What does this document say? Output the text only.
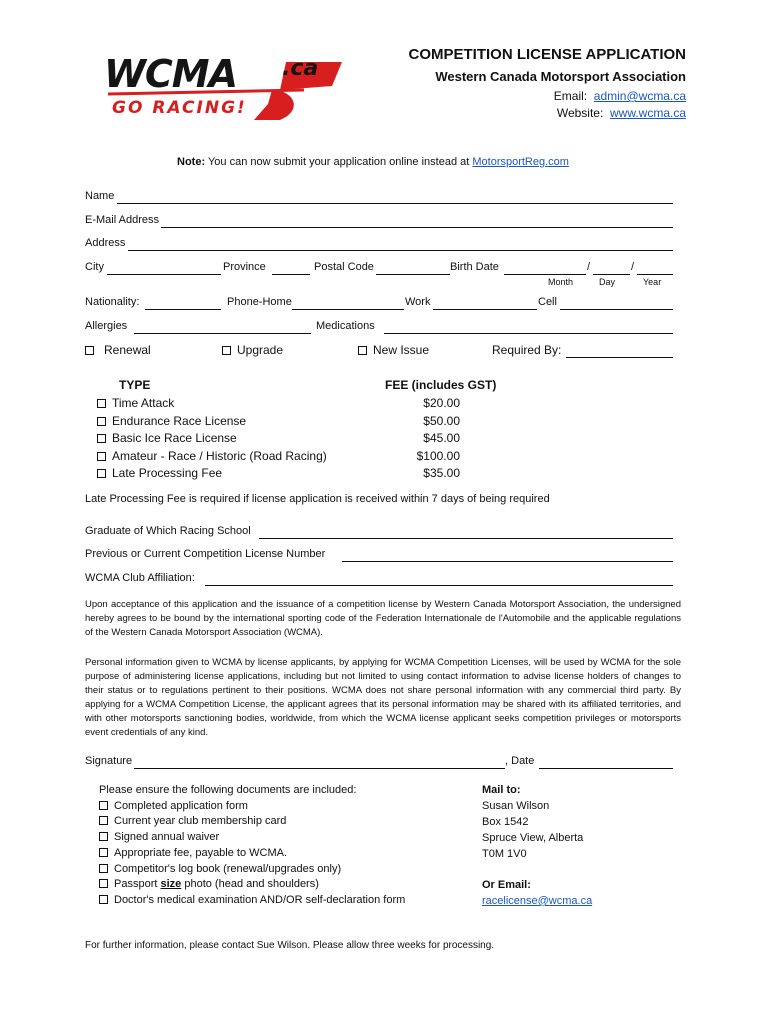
WCMA .ca
GO RACING!
COMPETITION LICENSE APPLICATION
Western Canada Motorsport Association
Email: admin@wcma.ca
Website: www.wcma.ca
Note: You can now submit your application online instead at MotorsportReg.com
Name
E-Mail Address
Address
City	Province	Postal Code	Birth Date	/	/
Month	Day	Year
Nationality:	Phone-Home	Work	Cell
Allergies	Medications
Renewal	Upgrade	New Issue	Required By:
TYPE	FEE (includes GST)
Time Attack	$20.00
Endurance Race License	$50.00
Basic Ice Race License	$45.00
Amateur - Race / Historic (Road Racing)	$100.00
Late Processing Fee	$35.00
Late Processing Fee is required if license application is received within 7 days of being required
Graduate of Which Racing School
Previous or Current Competition License Number
WCMA Club Affiliation:
Upon acceptance of this application and the issuance of a competition license by Western Canada Motorsport Association, the undersigned hereby agrees to be bound by the international sporting code of the Federation Internationale de l'Automobile and the applicable regulations of the Western Canada Motorsport Association (WCMA).
Personal information given to WCMA by license applicants, by applying for WCMA Competition Licenses, will be used by WCMA for the sole purpose of administering license applications, including but not limited to using contact information to advise license holders of changes to their status or to regulations pertinent to their positions. WCMA does not share personal information with any commercial third party. By applying for a WCMA Competition License, the applicant agrees that its personal information may be shared with its affiliated territories, and with other motorsports sanctioning bodies, worldwide, from which the WCMA license applicant seeks competition privileges or motorsports event credentials of any kind.
Signature	, Date
Please ensure the following documents are included:
Completed application form
Current year club membership card
Signed annual waiver
Appropriate fee, payable to WCMA.
Competitor's log book (renewal/upgrades only)
Passport size photo (head and shoulders)
Doctor's medical examination AND/OR self-declaration form
Mail to:
Susan Wilson
Box 1542
Spruce View, Alberta
T0M 1V0
Or Email:
racelicense@wcma.ca
For further information, please contact Sue Wilson. Please allow three weeks for processing.
